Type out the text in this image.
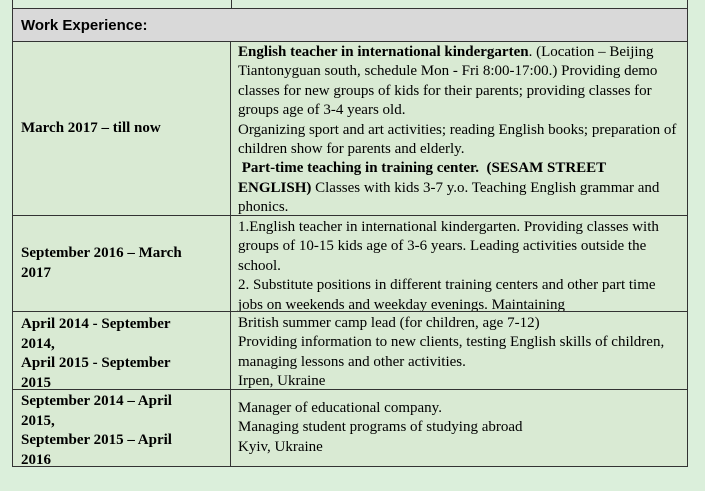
Work Experience:
March 2017 – till now

English teacher in international kindergarten. (Location – Beijing Tiantonyguan south, schedule Mon - Fri 8:00-17:00.) Providing demo classes for new groups of kids for their parents; providing classes for groups age of 3-4 years old.

Organizing sport and art activities; reading English books; preparation of children show for parents and elderly.

Part-time teaching in training center.  (SESAM STREET ENGLISH) Classes with kids 3-7 y.o. Teaching English grammar and phonics.

September 2016 – March
2017

1.English teacher in international kindergarten. Providing classes with groups of 10-15 kids age of 3-6 years. Leading activities outside the school.

2. Substitute positions in different training centers and other part time jobs on weekends and weekday evenings. Maintaining

April 2014 - September
2014,
April 2015 - September
2015

British summer camp lead (for children, age 7-12)

Providing information to new clients, testing English skills of children, managing lessons and other activities.

Irpen, Ukraine

September 2014 – April
2015,
September 2015 – April
2016

Manager of educational company.

Managing student programs of studying abroad

Kyiv, Ukraine
